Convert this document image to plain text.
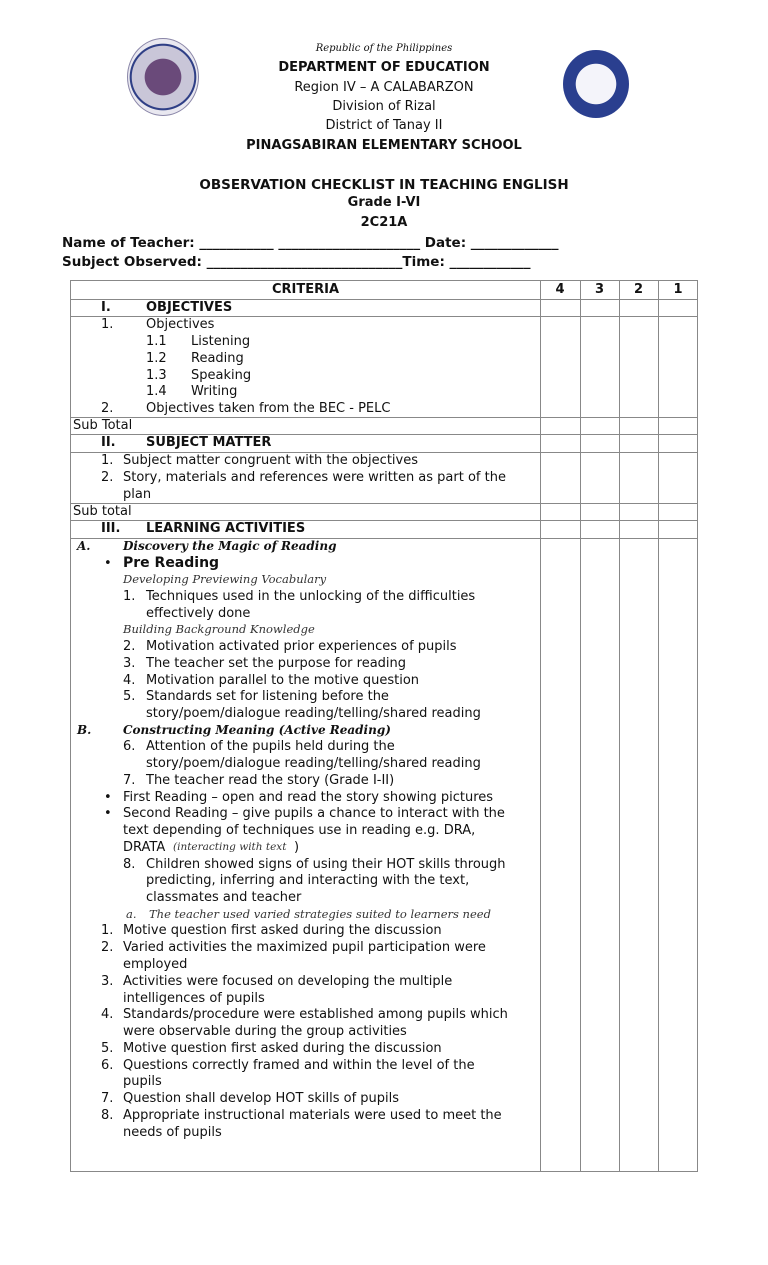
Republic of the Philippines
DEPARTMENT OF EDUCATION
Region IV – A CALABARZON
Division of Rizal
District of Tanay II
PINAGSABIRAN ELEMENTARY SCHOOL
OBSERVATION CHECKLIST IN TEACHING ENGLISH
Grade I-VI
2C21A
Name of Teacher: ___________ _____________________ Date: _____________
Subject Observed: _____________________________Time: ____________
CRITERIA	4	3	2	1
I.	OBJECTIVES
1.	Objectives
1.1 Listening
1.2 Reading
1.3 Speaking
1.4 Writing
2.	Objectives taken from the BEC - PELC
Sub Total
II. SUBJECT MATTER
1. Subject matter congruent with the objectives
2. Story, materials and references were written as part of the
plan
Sub total
III. LEARNING ACTIVITIES
A.	Discovery the Magic of Reading
• Pre Reading
Developing Previewing Vocabulary
1. Techniques used in the unlocking of the difficulties
effectively done
Building Background Knowledge
2. Motivation activated prior experiences of pupils
3. The teacher set the purpose for reading
4. Motivation parallel to the motive question
5. Standards set for listening before the
story/poem/dialogue reading/telling/shared reading
B.	Constructing Meaning (Active Reading)
6. Attention of the pupils held during the
story/poem/dialogue reading/telling/shared reading
7. The teacher read the story (Grade I-II)
• First Reading – open and read the story showing pictures
• Second Reading – give pupils a chance to interact with the
text depending of techniques use in reading e.g. DRA,
DRATA (interacting with text )
8. Children showed signs of using their HOT skills through
predicting, inferring and interacting with the text,
classmates and teacher
a. The teacher used varied strategies suited to learners need
1. Motive question first asked during the discussion
2. Varied activities the maximized pupil participation were
employed
3. Activities were focused on developing the multiple
intelligences of pupils
4. Standards/procedure were established among pupils which
were observable during the group activities
5. Motive question first asked during the discussion
6. Questions correctly framed and within the level of the
pupils
7. Question shall develop HOT skills of pupils
8. Appropriate instructional materials were used to meet the
needs of pupils
